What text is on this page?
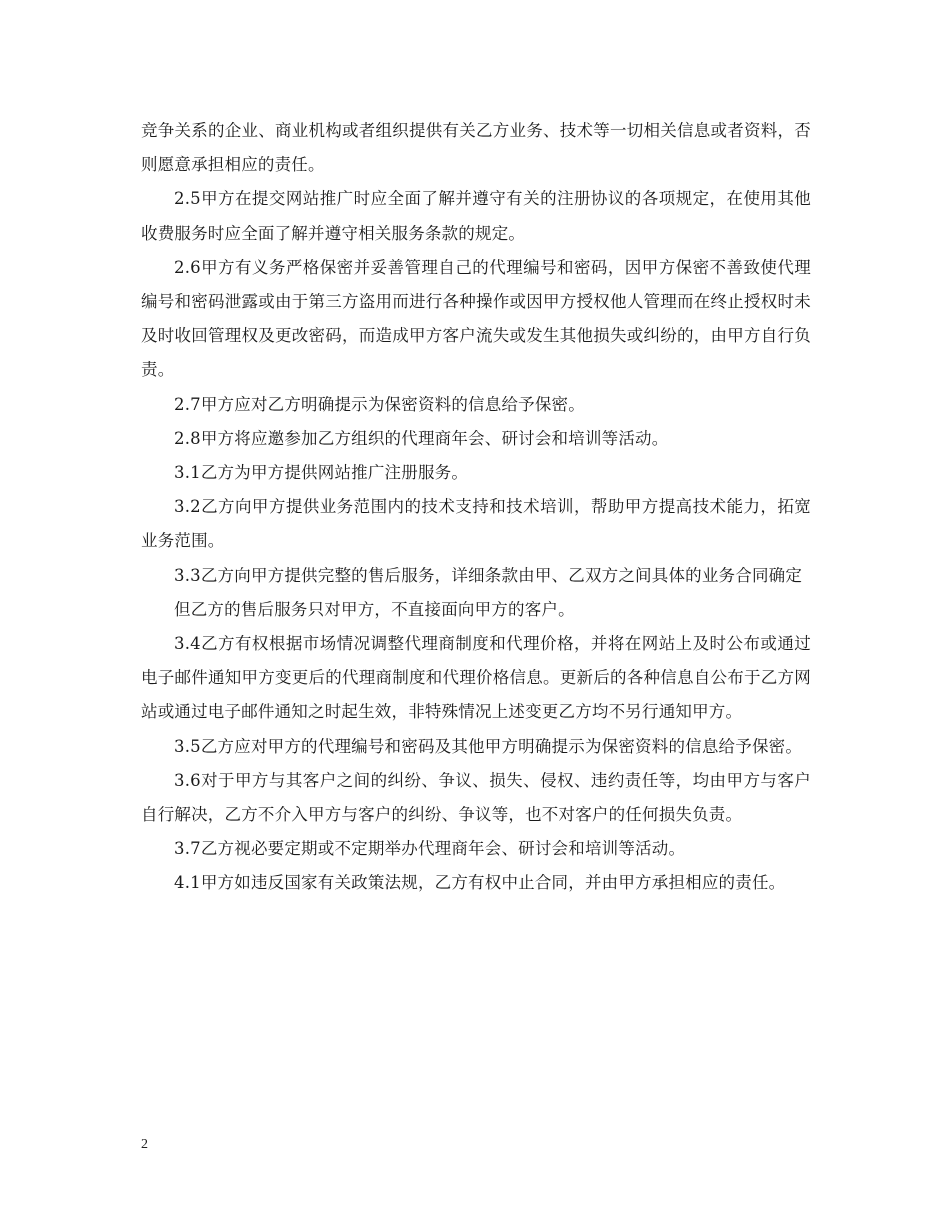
竞争关系的企业、商业机构或者组织提供有关乙方业务、技术等一切相关信息或者资料，否则愿意承担相应的责任。

2.5甲方在提交网站推广时应全面了解并遵守有关的注册协议的各项规定，在使用其他收费服务时应全面了解并遵守相关服务条款的规定。

2.6甲方有义务严格保密并妥善管理自己的代理编号和密码，因甲方保密不善致使代理编号和密码泄露或由于第三方盗用而进行各种操作或因甲方授权他人管理而在终止授权时未及时收回管理权及更改密码，而造成甲方客户流失或发生其他损失或纠纷的，由甲方自行负责。

2.7甲方应对乙方明确提示为保密资料的信息给予保密。

2.8甲方将应邀参加乙方组织的代理商年会、研讨会和培训等活动。

3.1乙方为甲方提供网站推广注册服务。

3.2乙方向甲方提供业务范围内的技术支持和技术培训，帮助甲方提高技术能力，拓宽业务范围。

3.3乙方向甲方提供完整的售后服务，详细条款由甲、乙双方之间具体的业务合同确定

但乙方的售后服务只对甲方，不直接面向甲方的客户。

3.4乙方有权根据市场情况调整代理商制度和代理价格，并将在网站上及时公布或通过电子邮件通知甲方变更后的代理商制度和代理价格信息。更新后的各种信息自公布于乙方网站或通过电子邮件通知之时起生效，非特殊情况上述变更乙方均不另行通知甲方。

3.5乙方应对甲方的代理编号和密码及其他甲方明确提示为保密资料的信息给予保密。

3.6对于甲方与其客户之间的纠纷、争议、损失、侵权、违约责任等，均由甲方与客户自行解决，乙方不介入甲方与客户的纠纷、争议等，也不对客户的任何损失负责。

3.7乙方视必要定期或不定期举办代理商年会、研讨会和培训等活动。

4.1甲方如违反国家有关政策法规，乙方有权中止合同，并由甲方承担相应的责任。

2
